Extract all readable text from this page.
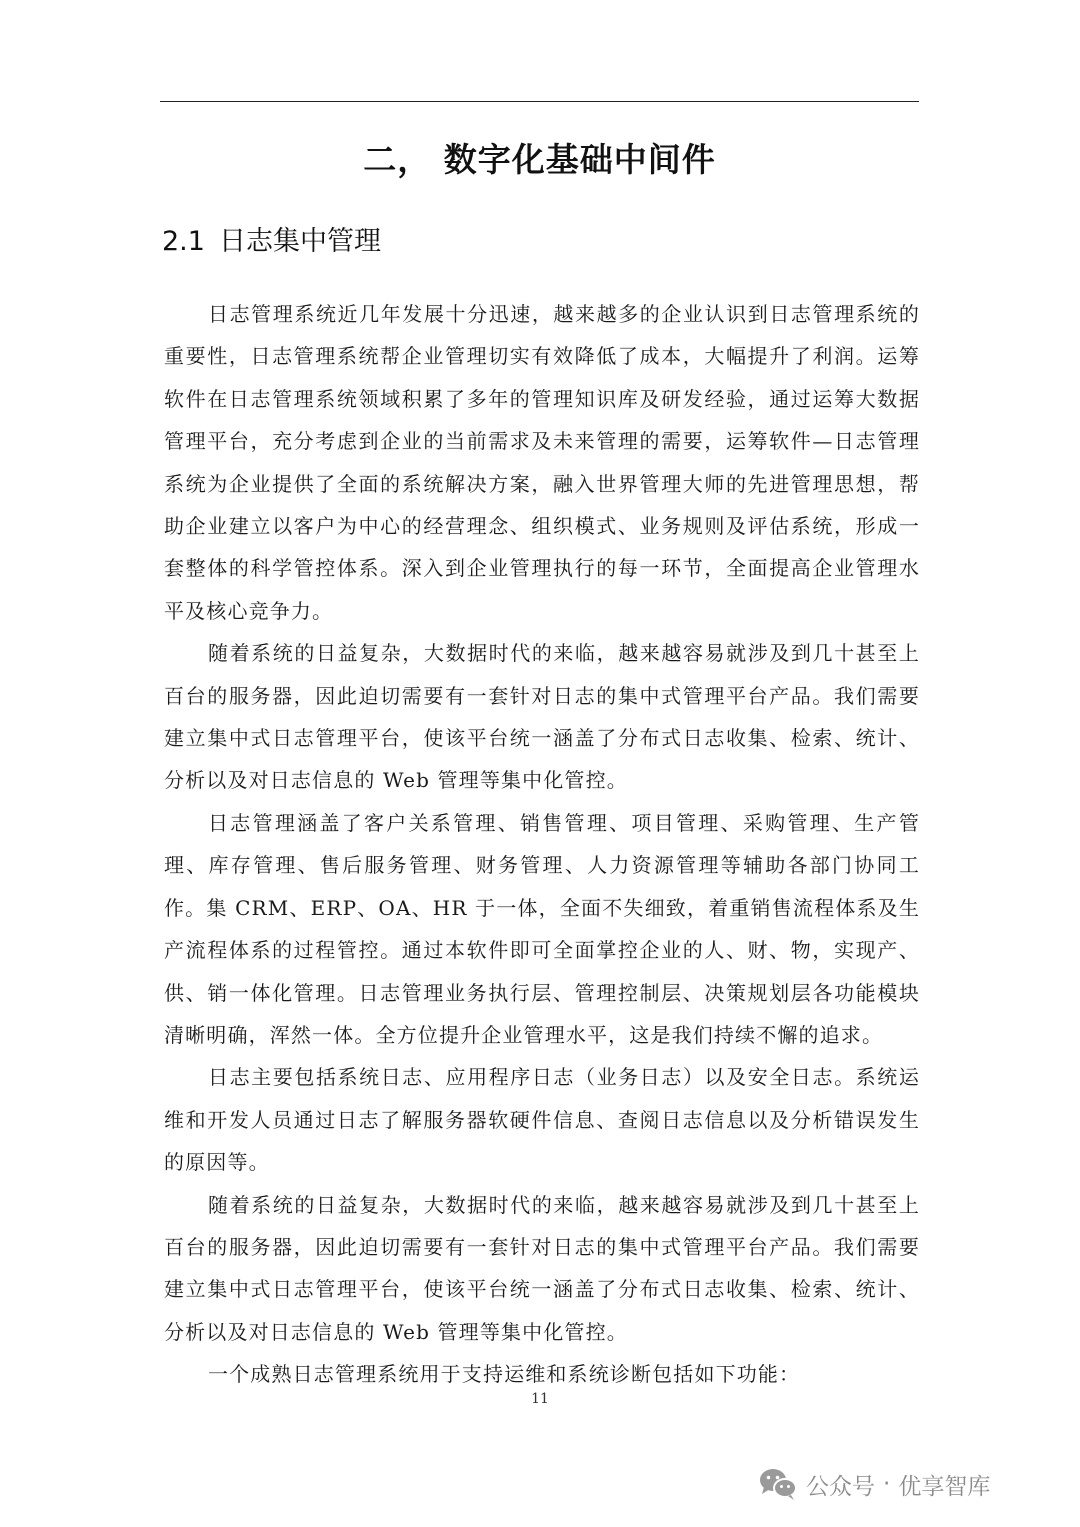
二， 数字化基础中间件
2.1 日志集中管理

日志管理系统近几年发展十分迅速，越来越多的企业认识到日志管理系统的重要性，日志管理系统帮企业管理切实有效降低了成本，大幅提升了利润。运筹软件在日志管理系统领域积累了多年的管理知识库及研发经验，通过运筹大数据管理平台，充分考虑到企业的当前需求及未来管理的需要，运筹软件—日志管理系统为企业提供了全面的系统解决方案，融入世界管理大师的先进管理思想，帮助企业建立以客户为中心的经营理念、组织模式、业务规则及评估系统，形成一套整体的科学管控体系。深入到企业管理执行的每一环节，全面提高企业管理水平及核心竞争力。

随着系统的日益复杂，大数据时代的来临，越来越容易就涉及到几十甚至上百台的服务器，因此迫切需要有一套针对日志的集中式管理平台产品。我们需要建立集中式日志管理平台，使该平台统一涵盖了分布式日志收集、检索、统计、分析以及对日志信息的 Web 管理等集中化管控。

日志管理涵盖了客户关系管理、销售管理、项目管理、采购管理、生产管理、库存管理、售后服务管理、财务管理、人力资源管理等辅助各部门协同工作。集 CRM、ERP、OA、HR 于一体，全面不失细致，着重销售流程体系及生产流程体系的过程管控。通过本软件即可全面掌控企业的人、财、物，实现产、供、销一体化管理。日志管理业务执行层、管理控制层、决策规划层各功能模块清晰明确，浑然一体。全方位提升企业管理水平，这是我们持续不懈的追求。

日志主要包括系统日志、应用程序日志（业务日志）以及安全日志。系统运维和开发人员通过日志了解服务器软硬件信息、查阅日志信息以及分析错误发生的原因等。

随着系统的日益复杂，大数据时代的来临，越来越容易就涉及到几十甚至上百台的服务器，因此迫切需要有一套针对日志的集中式管理平台产品。我们需要建立集中式日志管理平台，使该平台统一涵盖了分布式日志收集、检索、统计、分析以及对日志信息的 Web 管理等集中化管控。

一个成熟日志管理系统用于支持运维和系统诊断包括如下功能：

11
公众号 · 优享智库
